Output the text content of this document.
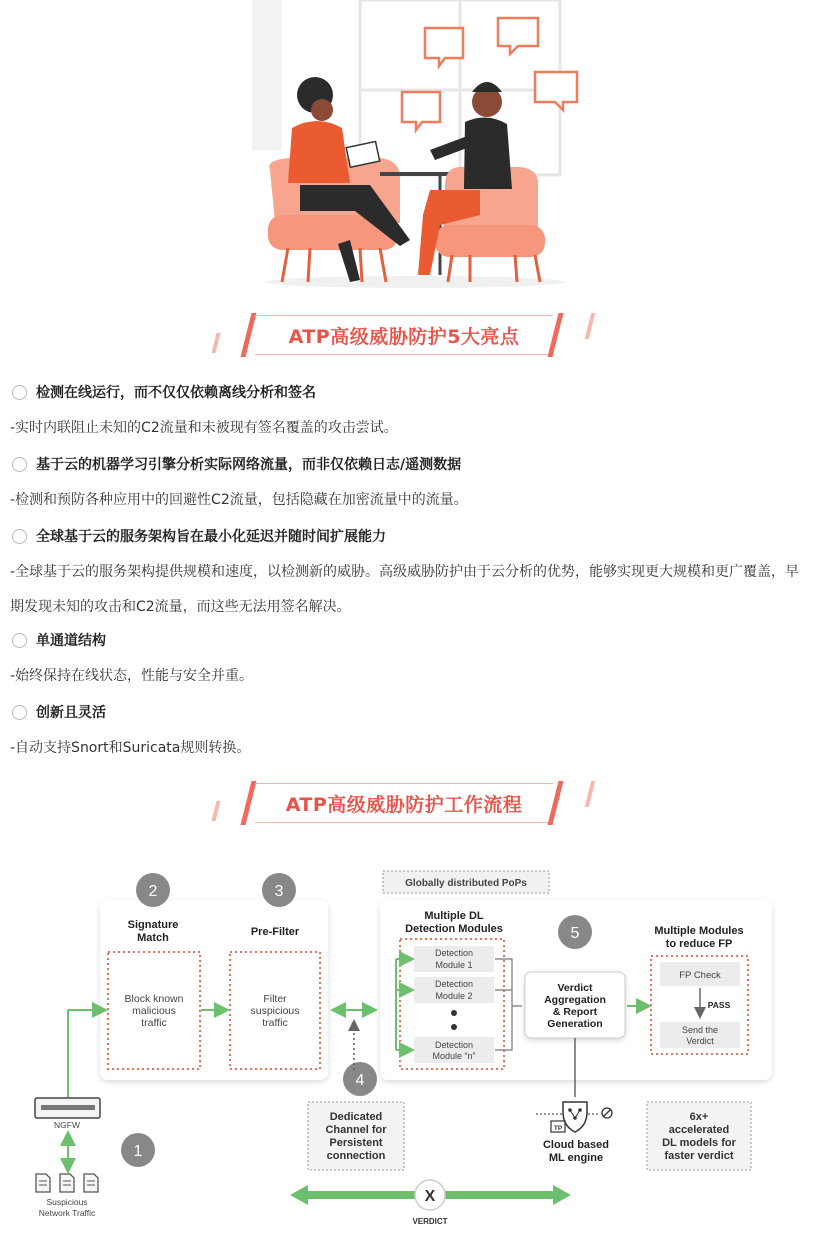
ATP高级威胁防护5大亮点
检测在线运行，而不仅仅依赖离线分析和签名
-实时内联阻止未知的C2流量和未被现有签名覆盖的攻击尝试。
基于云的机器学习引擎分析实际网络流量，而非仅依赖日志/遥测数据
-检测和预防各种应用中的回避性C2流量，包括隐藏在加密流量中的流量。
全球基于云的服务架构旨在最小化延迟并随时间扩展能力
-全球基于云的服务架构提供规模和速度，以检测新的威胁。高级威胁防护由于云分析的优势，能够实现更大规模和更广覆盖，早期发现未知的攻击和C2流量，而这些无法用签名解决。
单通道结构
-始终保持在线状态，性能与安全并重。
创新且灵活
-自动支持Snort和Suricata规则转换。
ATP高级威胁防护工作流程
2	3
5
4
1
Signature
Match
Block known
malicious
traffic
Pre-Filter
Filter
suspicious
traffic
Globally distributed PoPs
Multiple DL
Detection Modules
Detection
Module 1
Detection
Module 2
Detection
Module “n”
Verdict
Aggregation
& Report
Generation
Multiple Modules
to reduce FP
FP Check
PASS
Send the
Verdict
TP
Cloud based
ML engine
Dedicated
Channel for
Persistent
connection
6x+
accelerated
DL models for
faster verdict
NGFW
Suspicious
Network Traffic
X
VERDICT
